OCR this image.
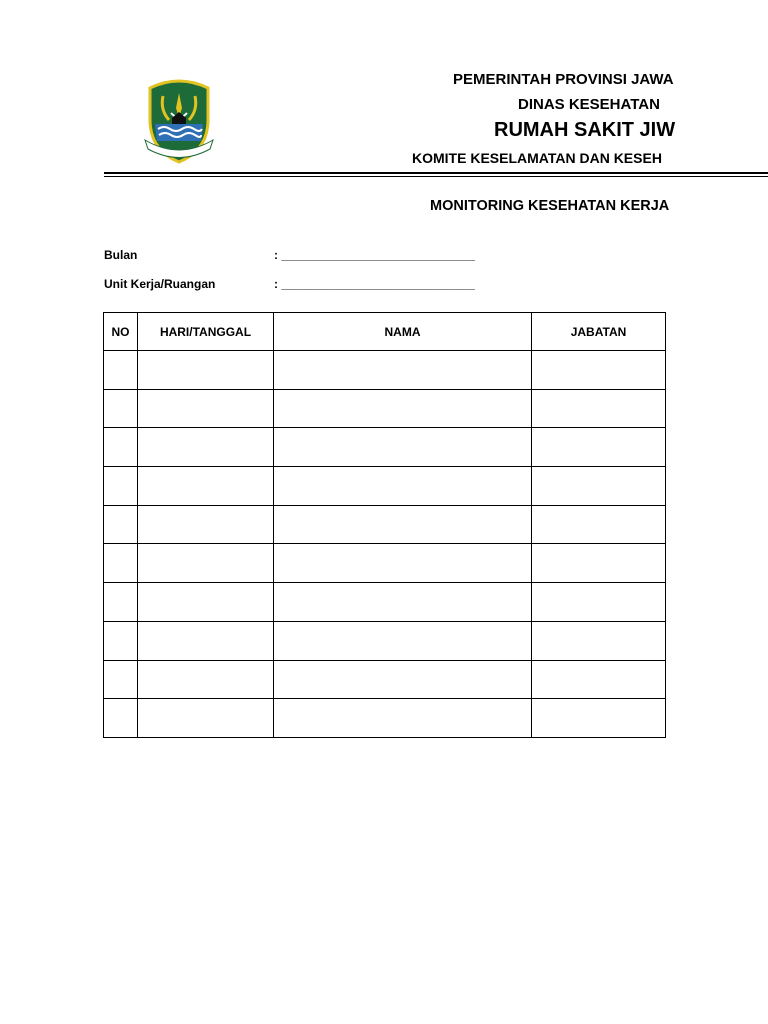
PEMERINTAH PROVINSI JAWA
DINAS KESEHATAN
RUMAH SAKIT JIW
KOMITE KESELAMATAN DAN KESEH
MONITORING KESEHATAN KERJA
Bulan	: _____________________________
Unit Kerja/Ruangan	: _____________________________
NO	HARI/TANGGAL	NAMA	JABATAN
